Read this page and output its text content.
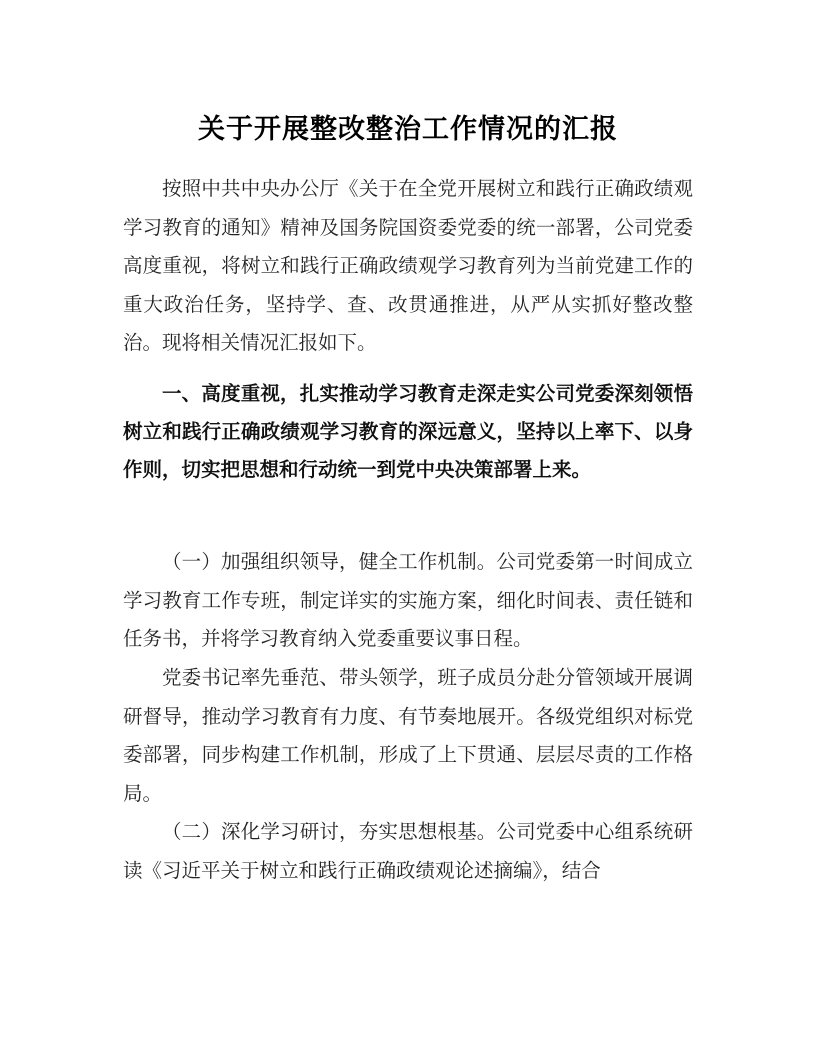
关于开展整改整治工作情况的汇报

按照中共中央办公厅《关于在全党开展树立和践行正确政绩观学习教育的通知》精神及国务院国资委党委的统一部署，公司党委高度重视，将树立和践行正确政绩观学习教育列为当前党建工作的重大政治任务，坚持学、查、改贯通推进，从严从实抓好整改整治。现将相关情况汇报如下。

一、高度重视，扎实推动学习教育走深走实公司党委深刻领悟树立和践行正确政绩观学习教育的深远意义，坚持以上率下、以身作则，切实把思想和行动统一到党中央决策部署上来。

（一）加强组织领导，健全工作机制。公司党委第一时间成立学习教育工作专班，制定详实的实施方案，细化时间表、责任链和任务书，并将学习教育纳入党委重要议事日程。

党委书记率先垂范、带头领学，班子成员分赴分管领域开展调研督导，推动学习教育有力度、有节奏地展开。各级党组织对标党委部署，同步构建工作机制，形成了上下贯通、层层尽责的工作格局。

（二）深化学习研讨，夯实思想根基。公司党委中心组系统研读《习近平关于树立和践行正确政绩观论述摘编》，结合
